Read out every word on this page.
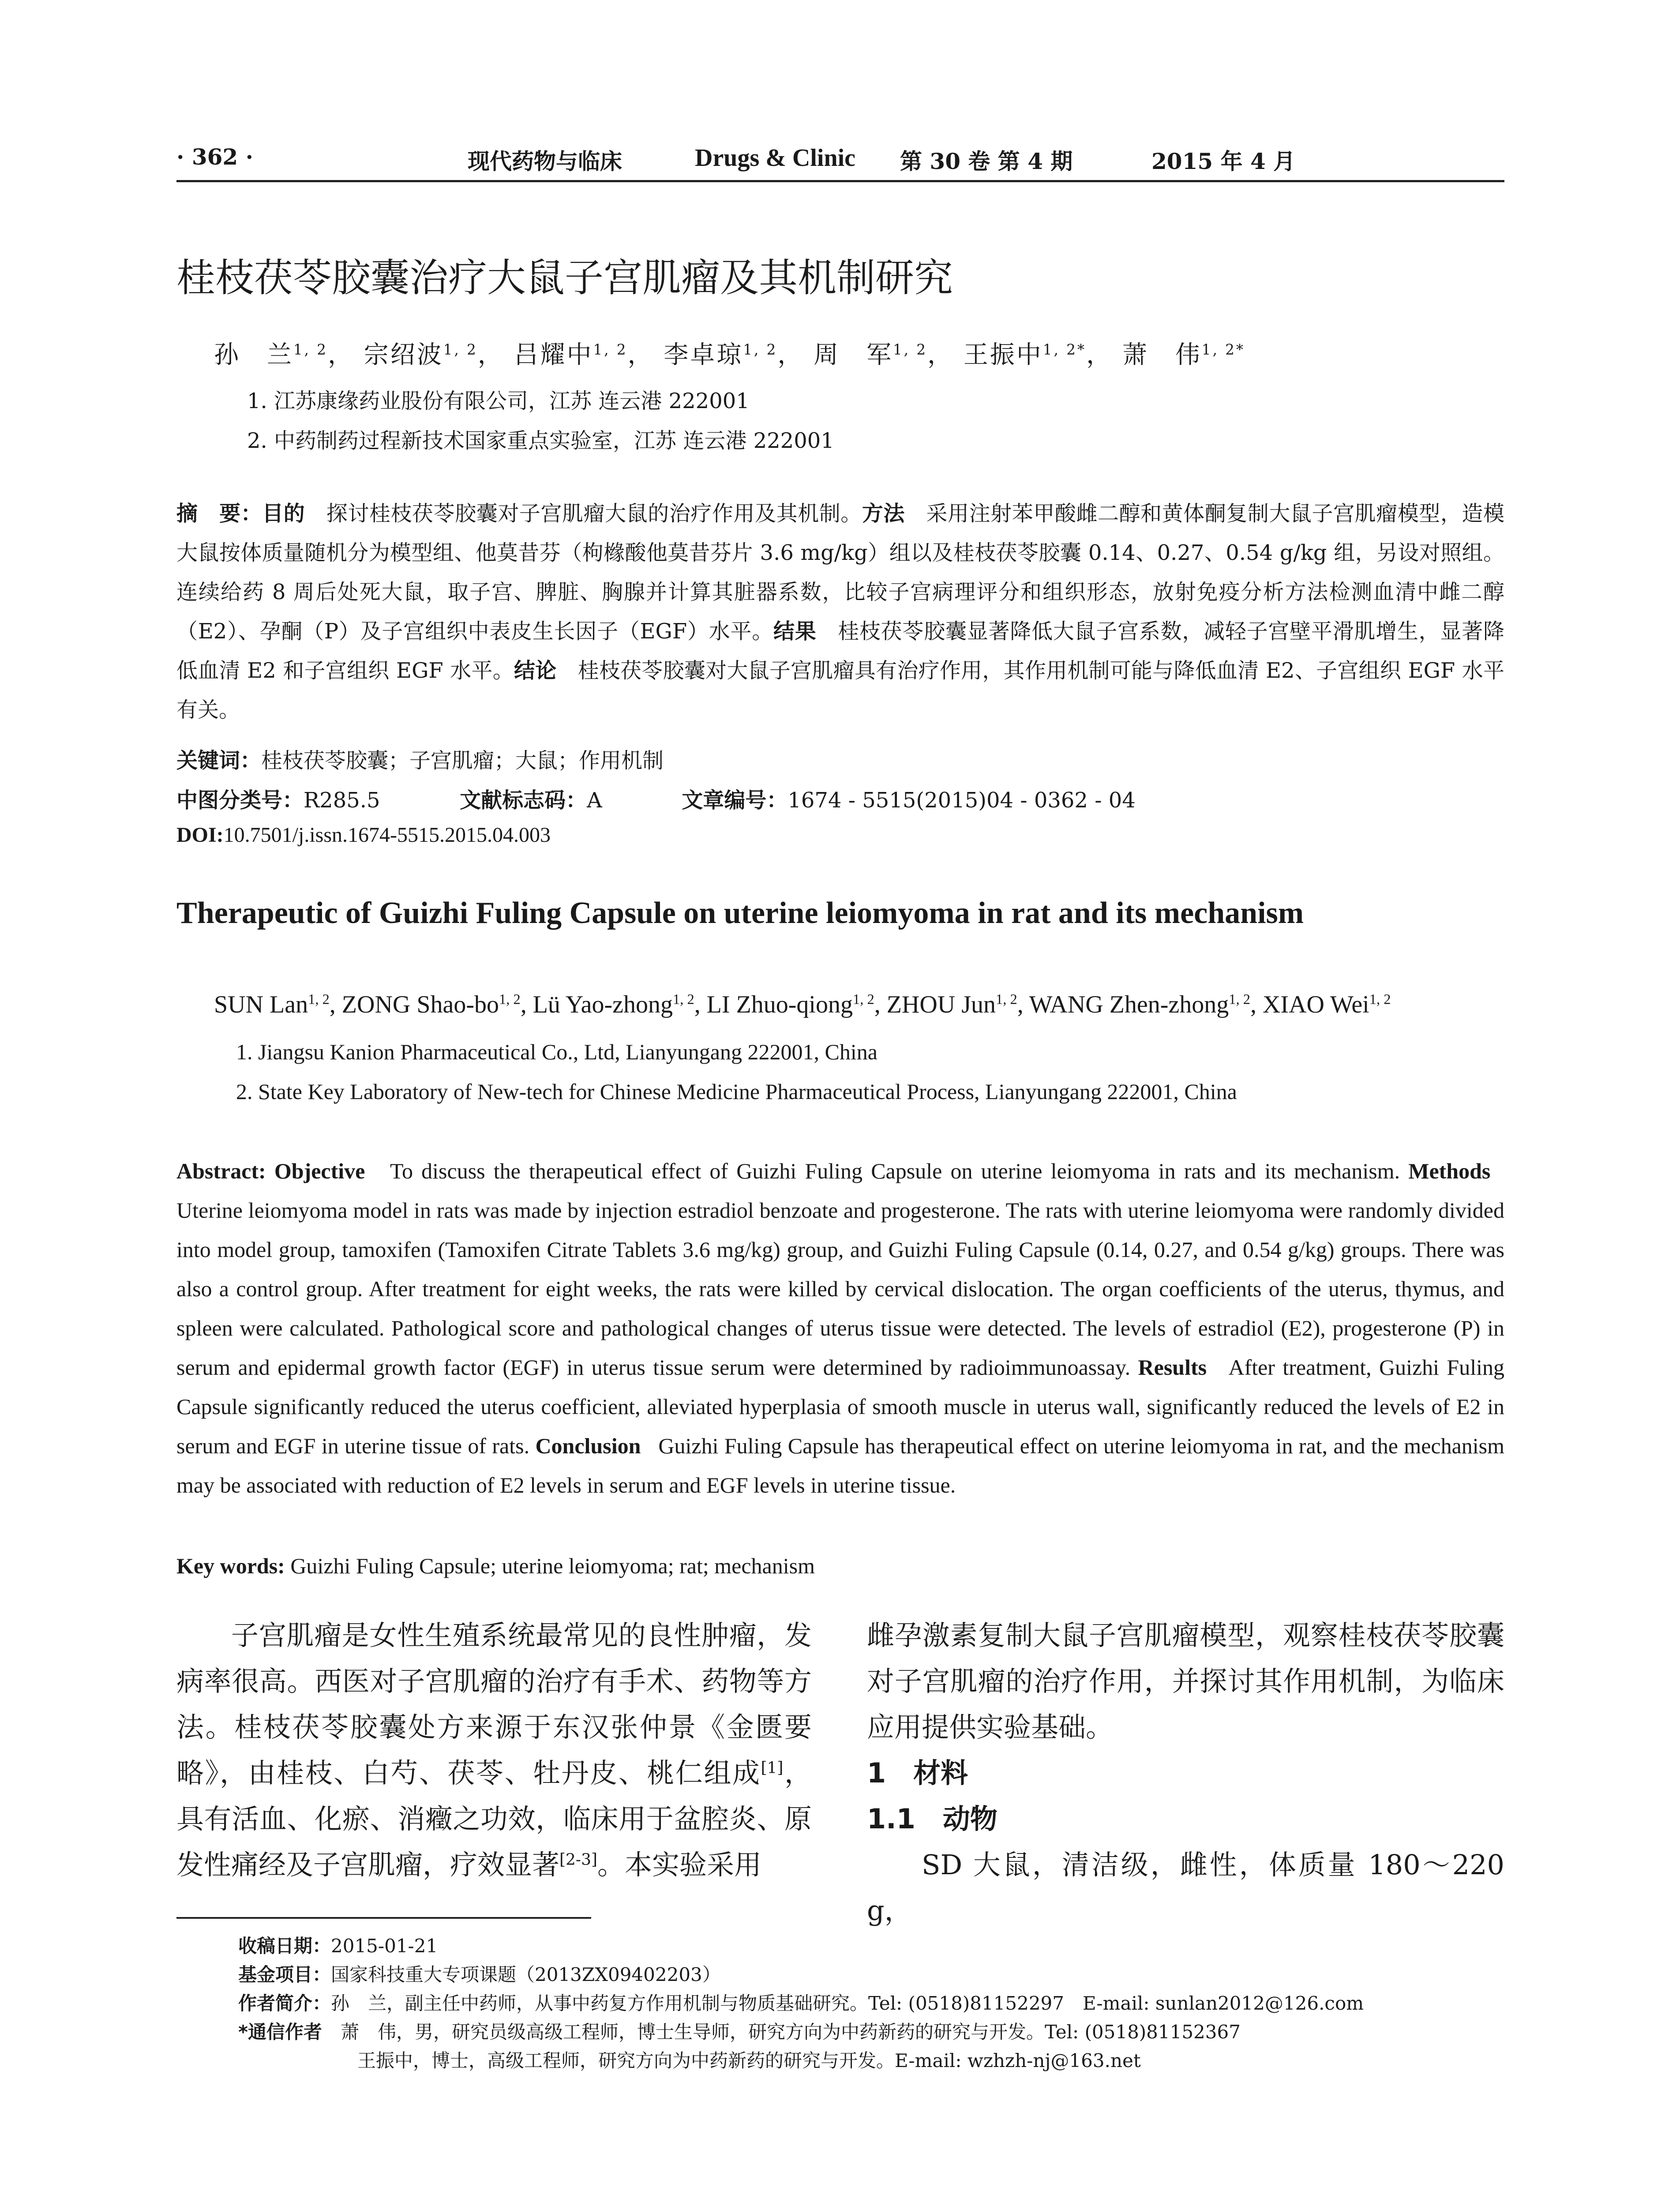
· 362 ·	现代药物与临床	Drugs & Clinic 第 30 卷 第 4 期	2015 年 4 月
桂枝茯苓胶囊治疗大鼠子宫肌瘤及其机制研究
孙　兰$^{1, 2}$， 宗绍波$^{1, 2}$， 吕耀中$^{1, 2}$， 李卓琼$^{1, 2}$， 周　军$^{1, 2}$， 王振中$^{1, 2*}$， 萧　伟$^{1, 2*}$
1. 江苏康缘药业股份有限公司，江苏 连云港 222001
2. 中药制药过程新技术国家重点实验室，江苏 连云港 222001
摘　要：目的　 探讨桂枝茯苓胶囊对子宫肌瘤大鼠的治疗作用及其机制。方法　 采用注射苯甲酸雌二醇和黄体酮复制大鼠子宫肌瘤模型，造模大鼠按体质量随机分为模型组、他莫昔芬（枸橼酸他莫昔芬片 3.6 mg/kg）组以及桂枝茯苓胶囊 0.14、0.27、0.54 g/kg 组，另设对照组。连续给药 8 周后处死大鼠，取子宫、脾脏、胸腺并计算其脏器系数，比较子宫病理评分和组织形态，放射免疫分析方法检测血清中雌二醇（E2）、孕酮（P）及子宫组织中表皮生长因子（EGF）水平。结果　 桂枝茯苓胶囊显著降低大鼠子宫系数，减轻子宫壁平滑肌增生，显著降低血清 E2 和子宫组织 EGF 水平。结论　 桂枝茯苓胶囊对大鼠子宫肌瘤具有治疗作用，其作用机制可能与降低血清 E2、子宫组织 EGF 水平有关。
关键词：桂枝茯苓胶囊；子宫肌瘤；大鼠；作用机制
中图分类号：R285.5	文献标志码：A	文章编号：1674 - 5515(2015)04 - 0362 - 04
DOI:10.7501/j.issn.1674-5515.2015.04.003
Therapeutic of Guizhi Fuling Capsule on uterine leiomyoma in rat and its mechanism
SUN Lan$^{1, 2}$, ZONG Shao-bo$^{1, 2}$, Lü Yao-zhong$^{1, 2}$, LI Zhuo-qiong$^{1, 2}$, ZHOU Jun$^{1, 2}$, WANG Zhen-zhong$^{1, 2}$, XIAO Wei$^{1, 2}$
1. Jiangsu Kanion Pharmaceutical Co., Ltd, Lianyungang 222001, China
2. State Key Laboratory of New-tech for Chinese Medicine Pharmaceutical Process, Lianyungang 222001, China
Abstract: Objective To discuss the therapeutical effect of Guizhi Fuling Capsule on uterine leiomyoma in rats and its mechanism. Methods   Uterine leiomyoma model in rats was made by injection estradiol benzoate and progesterone. The rats with uterine leiomyoma were randomly divided into model group, tamoxifen (Tamoxifen Citrate Tablets 3.6 mg/kg) group, and Guizhi Fuling Capsule (0.14, 0.27, and 0.54 g/kg) groups. There was also a control group. After treatment for eight weeks, the rats were killed by cervical dislocation. The organ coefficients of the uterus, thymus, and spleen were calculated. Pathological score and pathological changes of uterus tissue were detected. The levels of estradiol (E2), progesterone (P) in serum and epidermal growth factor (EGF) in uterus tissue serum were determined by radioimmunoassay. Results After treatment, Guizhi Fuling Capsule significantly reduced the uterus coefficient, alleviated hyperplasia of smooth muscle in uterus wall, significantly reduced the levels of E2 in serum and EGF in uterine tissue of rats. Conclusion Guizhi Fuling Capsule has therapeutical effect on uterine leiomyoma in rat, and the mechanism may be associated with reduction of E2 levels in serum and EGF levels in uterine tissue.
Key words: Guizhi Fuling Capsule; uterine leiomyoma; rat; mechanism
子宫肌瘤是女性生殖系统最常见的良性肿瘤，发病率很高。西医对子宫肌瘤的治疗有手术、药物等方法。桂枝茯苓胶囊处方来源于东汉张仲景《金匮要略》，由桂枝、白芍、茯苓、牡丹皮、桃仁组成[1]，具有活血、化瘀、消癥之功效，临床用于盆腔炎、原发性痛经及子宫肌瘤，疗效显著[2-3]。本实验采用
雌孕激素复制大鼠子宫肌瘤模型，观察桂枝茯苓胶囊对子宫肌瘤的治疗作用，并探讨其作用机制，为临床应用提供实验基础。
1　材料
1.1　动物
SD 大鼠，清洁级，雌性，体质量 180～220 g，
收稿日期：2015-01-21
基金项目：国家科技重大专项课题（2013ZX09402203）
作者简介：孙　兰，副主任中药师，从事中药复方作用机制与物质基础研究。Tel: (0518)81152297　E-mail: sunlan2012@126.com
*通信作者　萧　伟，男，研究员级高级工程师，博士生导师，研究方向为中药新药的研究与开发。Tel: (0518)81152367
王振中，博士，高级工程师，研究方向为中药新药的研究与开发。E-mail: wzhzh-nj@163.net
